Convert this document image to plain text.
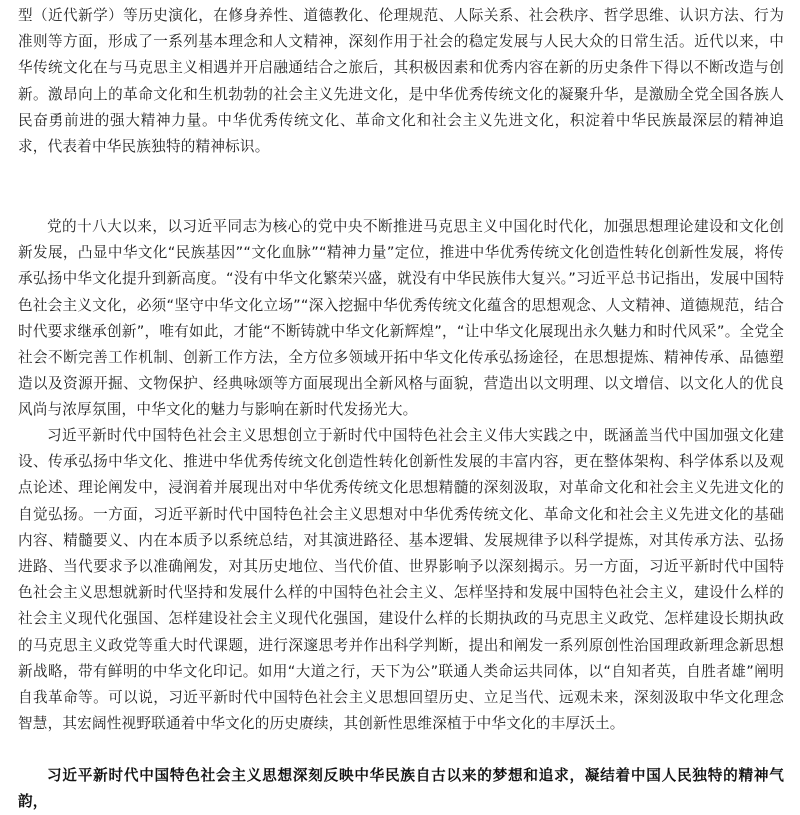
型（近代新学）等历史演化，在修身养性、道德教化、伦理规范、人际关系、社会秩序、哲学思维、认识方法、行为准则等方面，形成了一系列基本理念和人文精神，深刻作用于社会的稳定发展与人民大众的日常生活。近代以来，中华传统文化在与马克思主义相遇并开启融通结合之旅后，其积极因素和优秀内容在新的历史条件下得以不断改造与创新。激昂向上的革命文化和生机勃勃的社会主义先进文化，是中华优秀传统文化的凝聚升华，是激励全党全国各族人民奋勇前进的强大精神力量。中华优秀传统文化、革命文化和社会主义先进文化，积淀着中华民族最深层的精神追求，代表着中华民族独特的精神标识。

党的十八大以来，以习近平同志为核心的党中央不断推进马克思主义中国化时代化，加强思想理论建设和文化创新发展，凸显中华文化“民族基因”“文化血脉”“精神力量”定位，推进中华优秀传统文化创造性转化创新性发展，将传承弘扬中华文化提升到新高度。“没有中华文化繁荣兴盛，就没有中华民族伟大复兴。”习近平总书记指出，发展中国特色社会主义文化，必须“坚守中华文化立场”“深入挖掘中华优秀传统文化蕴含的思想观念、人文精神、道德规范，结合时代要求继承创新”，唯有如此，才能“不断铸就中华文化新辉煌”，“让中华文化展现出永久魅力和时代风采”。全党全社会不断完善工作机制、创新工作方法，全方位多领域开拓中华文化传承弘扬途径，在思想提炼、精神传承、品德塑造以及资源开掘、文物保护、经典咏颂等方面展现出全新风格与面貌，营造出以文明理、以文增信、以文化人的优良风尚与浓厚氛围，中华文化的魅力与影响在新时代发扬光大。

习近平新时代中国特色社会主义思想创立于新时代中国特色社会主义伟大实践之中，既涵盖当代中国加强文化建设、传承弘扬中华文化、推进中华优秀传统文化创造性转化创新性发展的丰富内容，更在整体架构、科学体系以及观点论述、理论阐发中，浸润着并展现出对中华优秀传统文化思想精髓的深刻汲取，对革命文化和社会主义先进文化的自觉弘扬。一方面，习近平新时代中国特色社会主义思想对中华优秀传统文化、革命文化和社会主义先进文化的基础内容、精髓要义、内在本质予以系统总结，对其演进路径、基本逻辑、发展规律予以科学提炼，对其传承方法、弘扬进路、当代要求予以准确阐发，对其历史地位、当代价值、世界影响予以深刻揭示。另一方面，习近平新时代中国特色社会主义思想就新时代坚持和发展什么样的中国特色社会主义、怎样坚持和发展中国特色社会主义，建设什么样的社会主义现代化强国、怎样建设社会主义现代化强国，建设什么样的长期执政的马克思主义政党、怎样建设长期执政的马克思主义政党等重大时代课题，进行深邃思考并作出科学判断，提出和阐发一系列原创性治国理政新理念新思想新战略，带有鲜明的中华文化印记。如用“大道之行，天下为公”联通人类命运共同体，以“自知者英，自胜者雄”阐明自我革命等。可以说，习近平新时代中国特色社会主义思想回望历史、立足当代、远观未来，深刻汲取中华文化理念智慧，其宏阔性视野联通着中华文化的历史赓续，其创新性思维深植于中华文化的丰厚沃土。

习近平新时代中国特色社会主义思想深刻反映中华民族自古以来的梦想和追求，凝结着中国人民独特的精神气韵，
